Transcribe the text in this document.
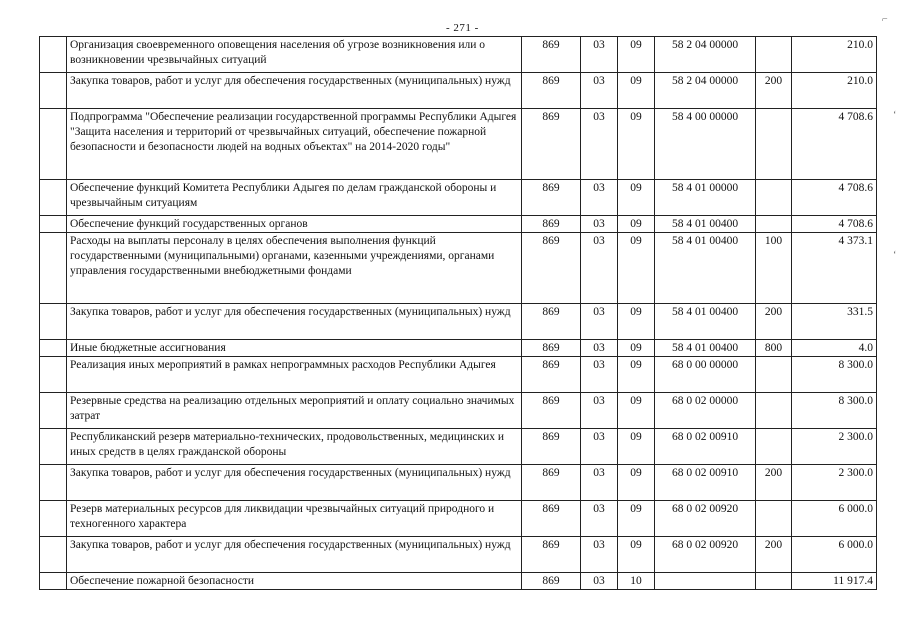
- 271 -
⌐
‘
‘
	Организация своевременного оповещения населения об угрозе возникновения или о возникновении чрезвычайных ситуаций	869	03	09	58 2 04 00000		210.0
	Закупка товаров, работ и услуг для обеспечения государственных (муниципальных) нужд	869	03	09	58 2 04 00000	200	210.0
	Подпрограмма "Обеспечение реализации государственной программы Республики Адыгея "Защита населения и территорий от чрезвычайных ситуаций, обеспечение пожарной безопасности и безопасности людей на водных объектах" на 2014-2020 годы"	869	03	09	58 4 00 00000		4 708.6
	Обеспечение функций Комитета Республики Адыгея по делам гражданской обороны и чрезвычайным ситуациям	869	03	09	58 4 01 00000		4 708.6
	Обеспечение функций государственных органов	869	03	09	58 4 01 00400		4 708.6
	Расходы на выплаты персоналу в целях обеспечения выполнения функций государственными (муниципальными) органами, казенными учреждениями, органами управления государственными внебюджетными фондами	869	03	09	58 4 01 00400	100	4 373.1
	Закупка товаров, работ и услуг для обеспечения государственных (муниципальных) нужд	869	03	09	58 4 01 00400	200	331.5
	Иные бюджетные ассигнования	869	03	09	58 4 01 00400	800	4.0
	Реализация иных мероприятий в рамках непрограммных расходов Республики Адыгея	869	03	09	68 0 00 00000		8 300.0
	Резервные средства на реализацию отдельных мероприятий и оплату социально значимых затрат	869	03	09	68 0 02 00000		8 300.0
	Республиканский резерв материально-технических, продовольственных, медицинских и иных средств в целях гражданской обороны	869	03	09	68 0 02 00910		2 300.0
	Закупка товаров, работ и услуг для обеспечения государственных (муниципальных) нужд	869	03	09	68 0 02 00910	200	2 300.0
	Резерв материальных ресурсов для ликвидации чрезвычайных ситуаций природного и техногенного характера	869	03	09	68 0 02 00920		6 000.0
	Закупка товаров, работ и услуг для обеспечения государственных (муниципальных) нужд	869	03	09	68 0 02 00920	200	6 000.0
	Обеспечение пожарной безопасности	869	03	10			11 917.4
